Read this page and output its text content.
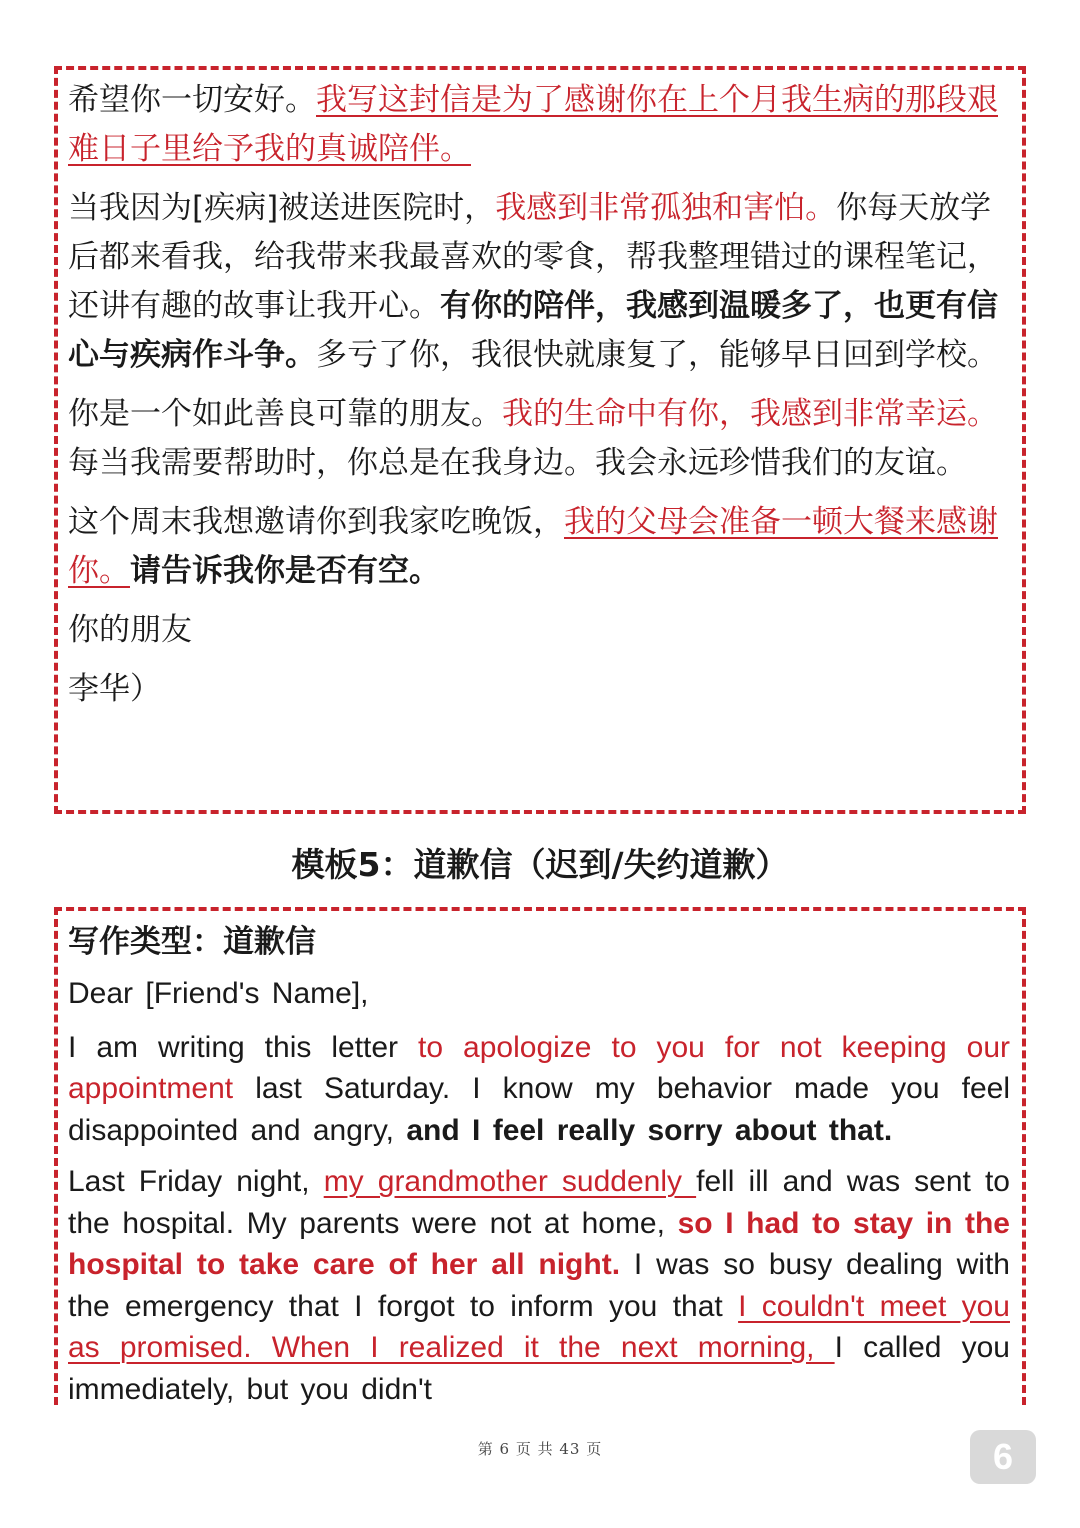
希望你一切安好。我写这封信是为了感谢你在上个月我生病的那段艰难日子里给予我的真诚陪伴。

当我因为[疾病]被送进医院时，我感到非常孤独和害怕。你每天放学后都来看我，给我带来我最喜欢的零食，帮我整理错过的课程笔记，还讲有趣的故事让我开心。有你的陪伴，我感到温暖多了，也更有信心与疾病作斗争。多亏了你，我很快就康复了，能够早日回到学校。

你是一个如此善良可靠的朋友。我的生命中有你，我感到非常幸运。每当我需要帮助时，你总是在我身边。我会永远珍惜我们的友谊。

这个周末我想邀请你到我家吃晚饭，我的父母会准备一顿大餐来感谢你。请告诉我你是否有空。

你的朋友

李华）

模板5：道歉信（迟到/失约道歉）

写作类型：道歉信

Dear [Friend's Name],

I am writing this letter to apologize to you for not keeping our appointment last Saturday. I know my behavior made you feel disappointed and angry, and I feel really sorry about that.

Last Friday night, my grandmother suddenly fell ill and was sent to the hospital. My parents were not at home, so I had to stay in the hospital to take care of her all night. I was so busy dealing with the emergency that I forgot to inform you that I couldn't meet you as promised. When I realized it the next morning, I called you immediately, but you didn't

第 6 页 共 43 页	6
